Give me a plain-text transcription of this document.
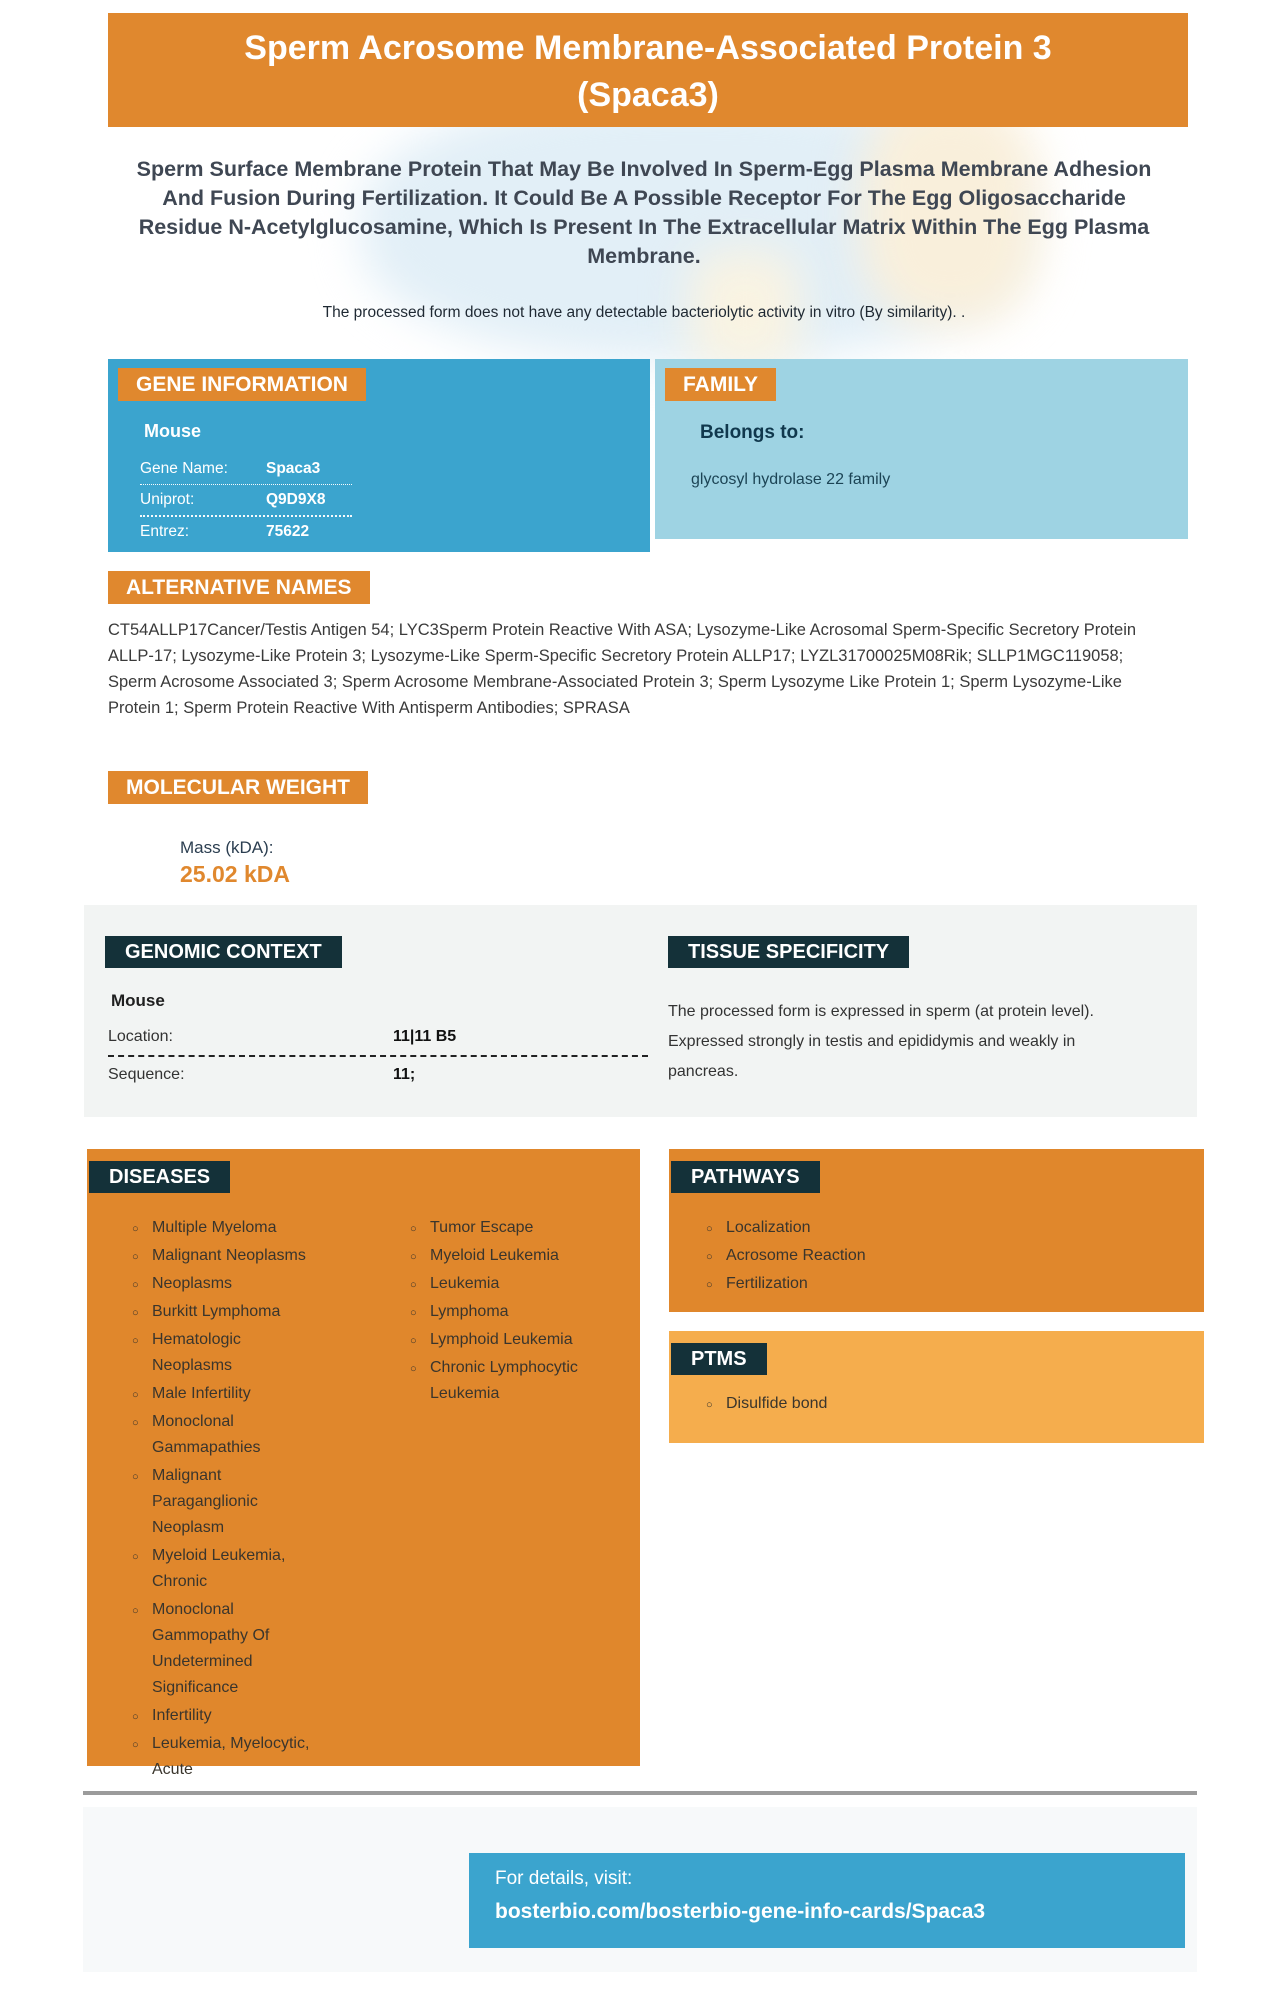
Sperm Acrosome Membrane-Associated Protein 3
(Spaca3)
Sperm Surface Membrane Protein That May Be Involved In Sperm-Egg Plasma Membrane Adhesion And Fusion During Fertilization. It Could Be A Possible Receptor For The Egg Oligosaccharide Residue N-Acetylglucosamine, Which Is Present In The Extracellular Matrix Within The Egg Plasma Membrane.
The processed form does not have any detectable bacteriolytic activity in vitro (By similarity). .
GENE INFORMATION
Mouse
Gene Name:	Spaca3
Uniprot:	Q9D9X8
Entrez:	75622
FAMILY
Belongs to:
glycosyl hydrolase 22 family
ALTERNATIVE NAMES
CT54ALLP17Cancer/Testis Antigen 54; LYC3Sperm Protein Reactive With ASA; Lysozyme-Like Acrosomal Sperm-Specific Secretory Protein ALLP-17; Lysozyme-Like Protein 3; Lysozyme-Like Sperm-Specific Secretory Protein ALLP17; LYZL31700025M08Rik; SLLP1MGC119058; Sperm Acrosome Associated 3; Sperm Acrosome Membrane-Associated Protein 3; Sperm Lysozyme Like Protein 1; Sperm Lysozyme-Like Protein 1; Sperm Protein Reactive With Antisperm Antibodies; SPRASA
MOLECULAR WEIGHT
Mass (kDA):
25.02 kDA
GENOMIC CONTEXT
Mouse
Location:	11|11 B5
Sequence:	11;
TISSUE SPECIFICITY
The processed form is expressed in sperm (at protein level). Expressed strongly in testis and epididymis and weakly in pancreas.
DISEASES
○ Multiple Myeloma
○ Malignant Neoplasms
○ Neoplasms
○ Burkitt Lymphoma
○ Hematologic Neoplasms
○ Male Infertility
○ Monoclonal Gammapathies
○ Malignant Paraganglionic Neoplasm
○ Myeloid Leukemia, Chronic
○ Monoclonal Gammopathy Of Undetermined Significance
○ Infertility
○ Leukemia, Myelocytic, Acute
○ Tumor Escape
○ Myeloid Leukemia
○ Leukemia
○ Lymphoma
○ Lymphoid Leukemia
○ Chronic Lymphocytic Leukemia
PATHWAYS
○ Localization
○ Acrosome Reaction
○ Fertilization
PTMS
○ Disulfide bond
For details, visit:
bosterbio.com/bosterbio-gene-info-cards/Spaca3
